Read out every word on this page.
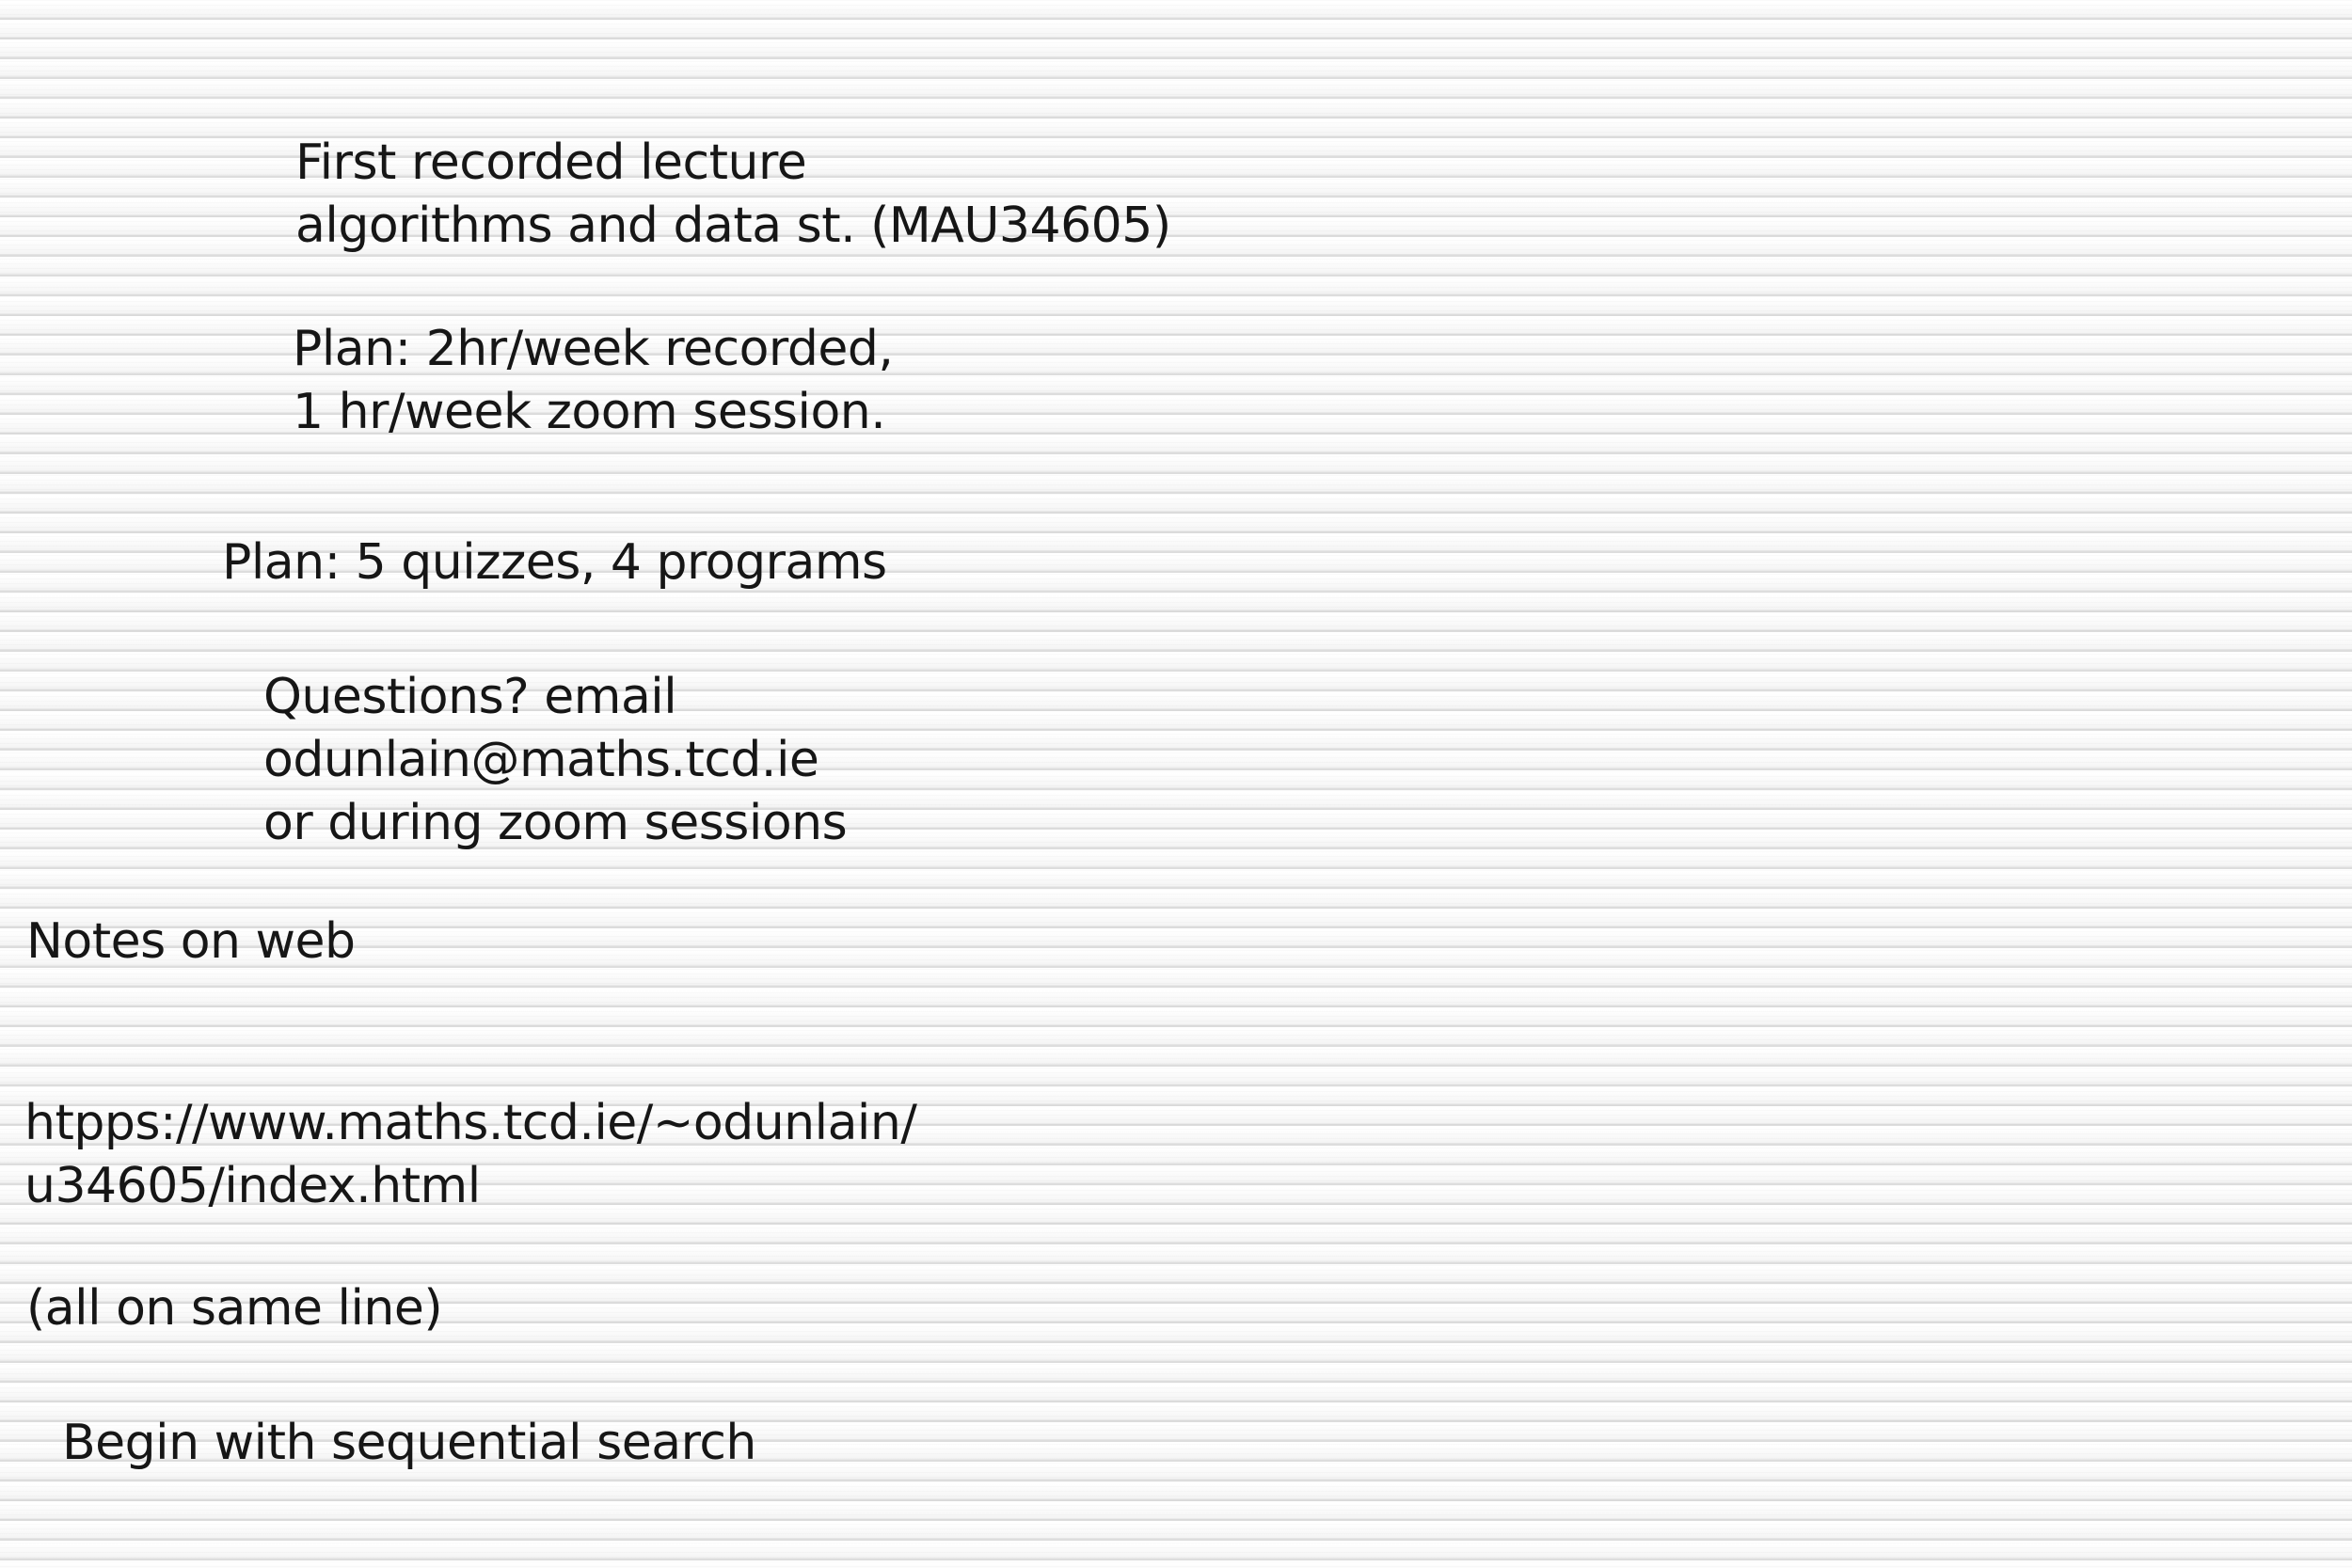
First recorded lecture
algorithms and data st. (MAU34605)
Plan: 2hr/week recorded,
1 hr/week zoom session.
Plan: 5 quizzes, 4 programs
Questions? email
odunlain@maths.tcd.ie
or during zoom sessions
Notes on web
htpps://www.maths.tcd.ie/~odunlain/
u34605/index.html
(all on same line)
Begin with sequential search
